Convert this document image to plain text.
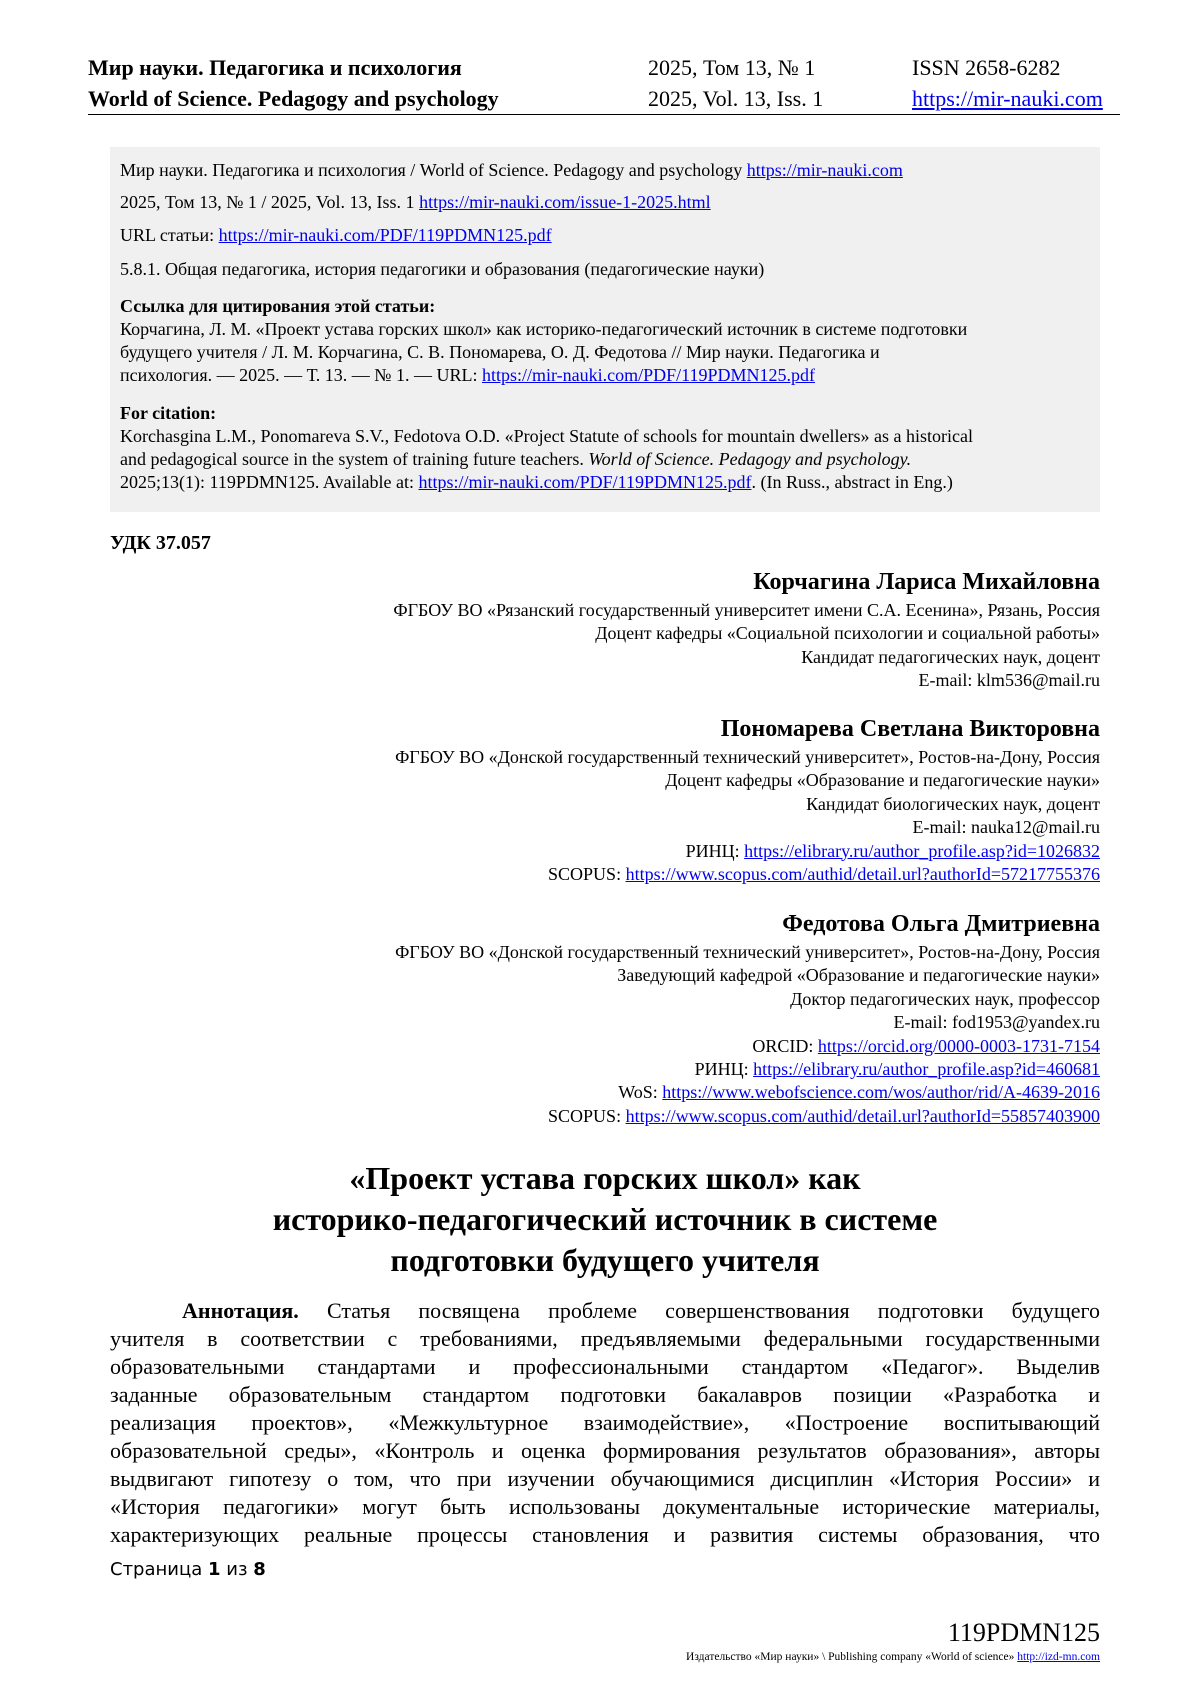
Мир науки. Педагогика и психология
World of Science. Pedagogy and psychology
2025, Том 13, № 1
2025, Vol. 13, Iss. 1
ISSN 2658-6282
https://mir-nauki.com
Мир науки. Педагогика и психология / World of Science. Pedagogy and psychology https://mir-nauki.com
2025, Том 13, № 1 / 2025, Vol. 13, Iss. 1 https://mir-nauki.com/issue-1-2025.html
URL статьи: https://mir-nauki.com/PDF/119PDMN125.pdf
5.8.1. Общая педагогика, история педагогики и образования (педагогические науки)
Ссылка для цитирования этой статьи:
Корчагина, Л. М. «Проект устава горских школ» как историко-педагогический источник в системе подготовки
будущего учителя / Л. М. Корчагина, С. В. Пономарева, О. Д. Федотова // Мир науки. Педагогика и
психология. — 2025. — Т. 13. — № 1. — URL: https://mir-nauki.com/PDF/119PDMN125.pdf
For citation:
Korchasgina L.M., Ponomareva S.V., Fedotova O.D. «Project Statute of schools for mountain dwellers» as a historical
and pedagogical source in the system of training future teachers. World of Science. Pedagogy and psychology.
2025;13(1): 119PDMN125. Available at: https://mir-nauki.com/PDF/119PDMN125.pdf. (In Russ., abstract in Eng.)
УДК 37.057
Корчагина Лариса Михайловна
ФГБОУ ВО «Рязанский государственный университет имени С.А. Есенина», Рязань, Россия
Доцент кафедры «Социальной психологии и социальной работы»
Кандидат педагогических наук, доцент
E-mail: klm536@mail.ru
Пономарева Светлана Викторовна
ФГБОУ ВО «Донской государственный технический университет», Ростов-на-Дону, Россия
Доцент кафедры «Образование и педагогические науки»
Кандидат биологических наук, доцент
E-mail: nauka12@mail.ru
РИНЦ: https://elibrary.ru/author_profile.asp?id=1026832
SCOPUS: https://www.scopus.com/authid/detail.url?authorId=57217755376
Федотова Ольга Дмитриевна
ФГБОУ ВО «Донской государственный технический университет», Ростов-на-Дону, Россия
Заведующий кафедрой «Образование и педагогические науки»
Доктор педагогических наук, профессор
E-mail: fod1953@yandex.ru
ORCID: https://orcid.org/0000-0003-1731-7154
РИНЦ: https://elibrary.ru/author_profile.asp?id=460681
WoS: https://www.webofscience.com/wos/author/rid/A-4639-2016
SCOPUS: https://www.scopus.com/authid/detail.url?authorId=55857403900
«Проект устава горских школ» как
историко-педагогический источник в системе
подготовки будущего учителя
Аннотация. Статья посвящена проблеме совершенствования подготовки будущего
учителя в соответствии с требованиями, предъявляемыми федеральными государственными
образовательными стандартами и профессиональными стандартом «Педагог». Выделив
заданные образовательным стандартом подготовки бакалавров позиции «Разработка и
реализация проектов», «Межкультурное взаимодействие», «Построение воспитывающий
образовательной среды», «Контроль и оценка формирования результатов образования», авторы
выдвигают гипотезу о том, что при изучении обучающимися дисциплин «История России» и
«История педагогики» могут быть использованы документальные исторические материалы,
характеризующих реальные процессы становления и развития системы образования, что
Страница 1 из 8
119PDMN125
Издательство «Мир науки» \ Publishing company «World of science» http://izd-mn.com
